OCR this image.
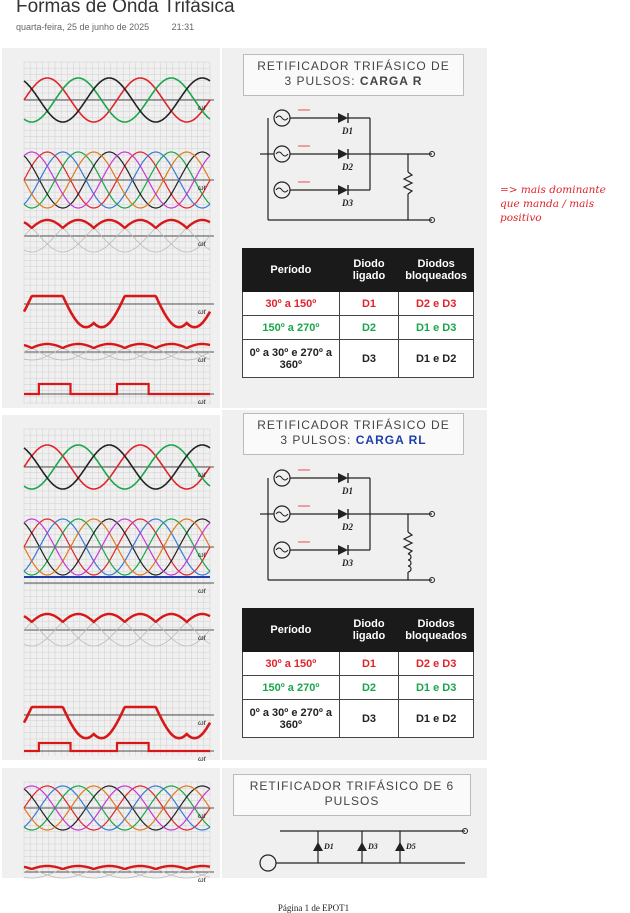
Formas de Onda Trifásica
quarta-feira, 25 de junho de 2025	21:31
ωt
ωt
ωt
ωt
ωt
ωt
ωt
ωt
ωt
ωt
ωt
ωt
ωt
ωt
RETIFICADOR TRIFÁSICO DE
3 PULSOS: CARGA R
D1
D2
D3
Período	Diodo ligado	Diodos bloqueados
30º a 150º	D1	D2 e D3
150º a 270º	D2	D1 e D3
0º a 30º e 270º a 360º	D3	D1 e D2
RETIFICADOR TRIFÁSICO DE
3 PULSOS: CARGA RL
D1
D2
D3
Período	Diodo ligado	Diodos bloqueados
30º a 150º	D1	D2 e D3
150º a 270º	D2	D1 e D3
0º a 30º e 270º a 360º	D3	D1 e D2
RETIFICADOR TRIFÁSICO DE 6
PULSOS
D1	D3	D5
=> mais dominante
que manda / mais
positivo
Página 1 de EPOT1
